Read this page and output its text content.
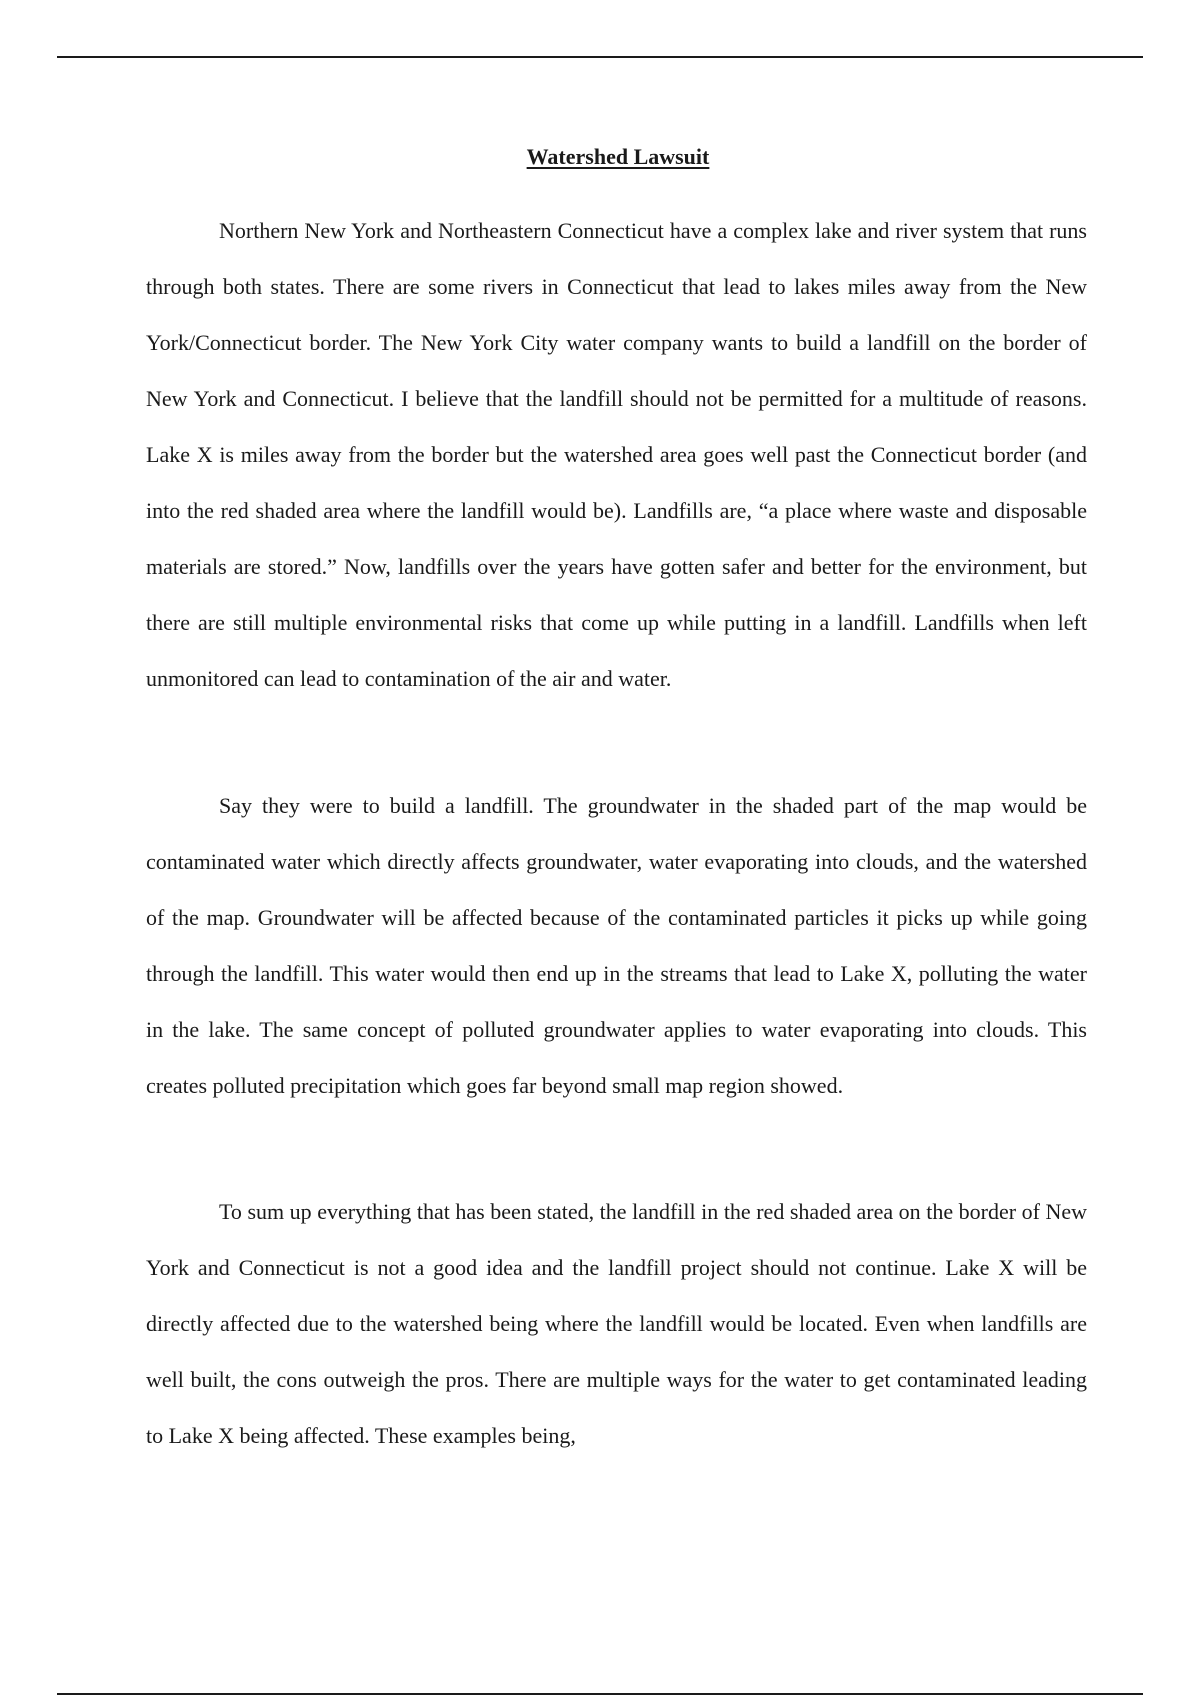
Watershed Lawsuit

Northern New York and Northeastern Connecticut have a complex lake and river system that runs through both states. There are some rivers in Connecticut that lead to lakes miles away from the New York/Connecticut border. The New York City water company wants to build a landfill on the border of New York and Connecticut. I believe that the landfill should not be permitted for a multitude of reasons. Lake X is miles away from the border but the watershed area goes well past the Connecticut border (and into the red shaded area where the landfill would be). Landfills are, “a place where waste and disposable materials are stored.” Now, landfills over the years have gotten safer and better for the environment, but there are still multiple environmental risks that come up while putting in a landfill. Landfills when left unmonitored can lead to contamination of the air and water.

Say they were to build a landfill. The groundwater in the shaded part of the map would be contaminated water which directly affects groundwater, water evaporating into clouds, and the watershed of the map. Groundwater will be affected because of the contaminated particles it picks up while going through the landfill. This water would then end up in the streams that lead to Lake X, polluting the water in the lake. The same concept of polluted groundwater applies to water evaporating into clouds. This creates polluted precipitation which goes far beyond small map region showed.

To sum up everything that has been stated, the landfill in the red shaded area on the border of New York and Connecticut is not a good idea and the landfill project should not continue. Lake X will be directly affected due to the watershed being where the landfill would be located. Even when landfills are well built, the cons outweigh the pros. There are multiple ways for the water to get contaminated leading to Lake X being affected. These examples being,
